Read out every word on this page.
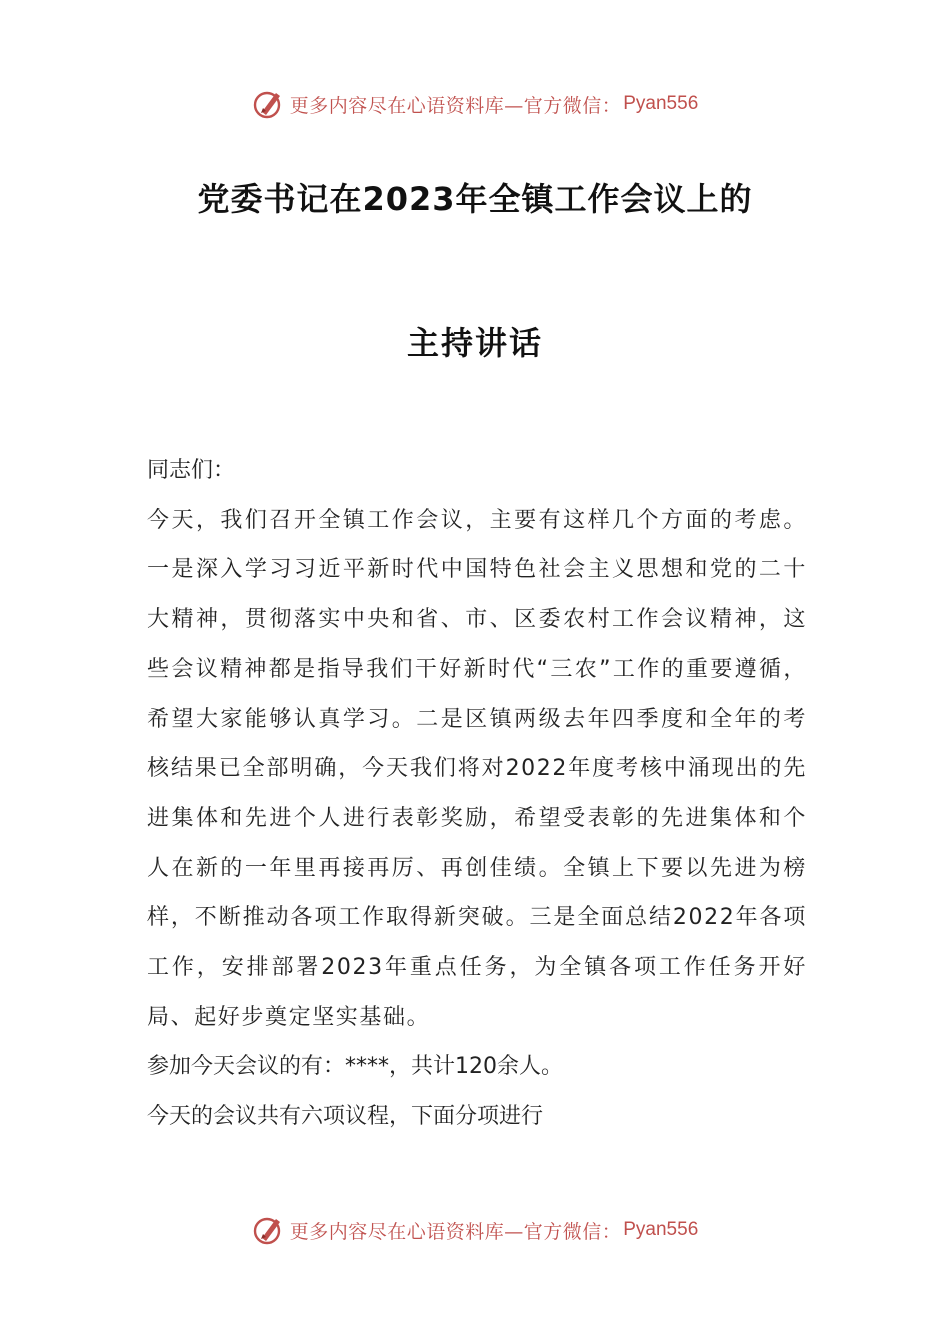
更多内容尽在心语资料库—官方微信： Pyan556
党委书记在2023年全镇工作会议上的
主持讲话

同志们：

今天，我们召开全镇工作会议，主要有这样几个方面的考虑。一是深入学习习近平新时代中国特色社会主义思想和党的二十大精神，贯彻落实中央和省、市、区委农村工作会议精神，这些会议精神都是指导我们干好新时代“三农”工作的重要遵循，希望大家能够认真学习。二是区镇两级去年四季度和全年的考核结果已全部明确，今天我们将对2022年度考核中涌现出的先进集体和先进个人进行表彰奖励，希望受表彰的先进集体和个人在新的一年里再接再厉、再创佳绩。全镇上下要以先进为榜样，不断推动各项工作取得新突破。三是全面总结2022年各项工作，安排部署2023年重点任务，为全镇各项工作任务开好局、起好步奠定坚实基础。

参加今天会议的有：****，共计120余人。

今天的会议共有六项议程，下面分项进行

更多内容尽在心语资料库—官方微信： Pyan556
